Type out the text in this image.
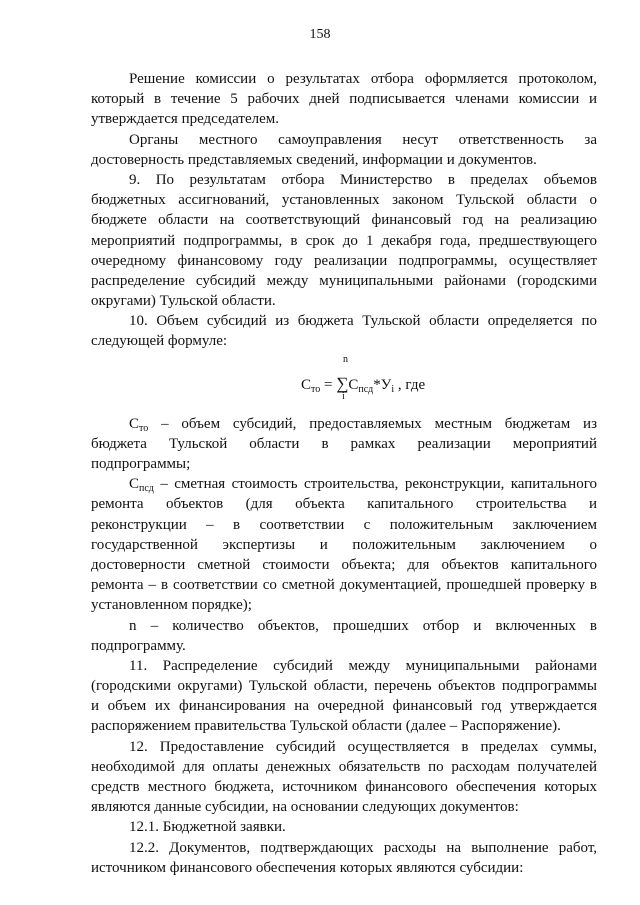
158
Решение комиссии о результатах отбора оформляется протоколом,
который в течение 5 рабочих дней подписывается членами комиссии и
утверждается председателем.
Органы местного самоуправления несут ответственность за
достоверность представляемых сведений, информации и документов.
9. По результатам отбора Министерство в пределах объемов
бюджетных ассигнований, установленных законом Тульской области о
бюджете области на соответствующий финансовый год на реализацию
мероприятий подпрограммы, в срок до 1 декабря года, предшествующего
очередному финансовому году реализации подпрограммы, осуществляет
распределение субсидий между муниципальными районами (городскими
округами) Тульской области.
10. Объем субсидий из бюджета Тульской области определяется по
следующей формуле:
n
$С_{то} = \sum С_{псд}*У_i$ , где
i
$С_{то}$ – объем субсидий, предоставляемых местным бюджетам из
бюджета Тульской области в рамках реализации мероприятий
подпрограммы;
$С_{псд}$ – сметная стоимость строительства, реконструкции, капитального
ремонта объектов (для объекта капитального строительства и
реконструкции – в соответствии с положительным заключением
государственной экспертизы и положительным заключением о
достоверности сметной стоимости объекта; для объектов капитального
ремонта – в соответствии со сметной документацией, прошедшей проверку в
установленном порядке);
n – количество объектов, прошедших отбор и включенных в
подпрограмму.
11. Распределение субсидий между муниципальными районами
(городскими округами) Тульской области, перечень объектов подпрограммы
и объем их финансирования на очередной финансовый год утверждается
распоряжением правительства Тульской области (далее – Распоряжение).
12. Предоставление субсидий осуществляется в пределах суммы,
необходимой для оплаты денежных обязательств по расходам получателей
средств местного бюджета, источником финансового обеспечения которых
являются данные субсидии, на основании следующих документов:
12.1. Бюджетной заявки.
12.2. Документов, подтверждающих расходы на выполнение работ,
источником финансового обеспечения которых являются субсидии:
